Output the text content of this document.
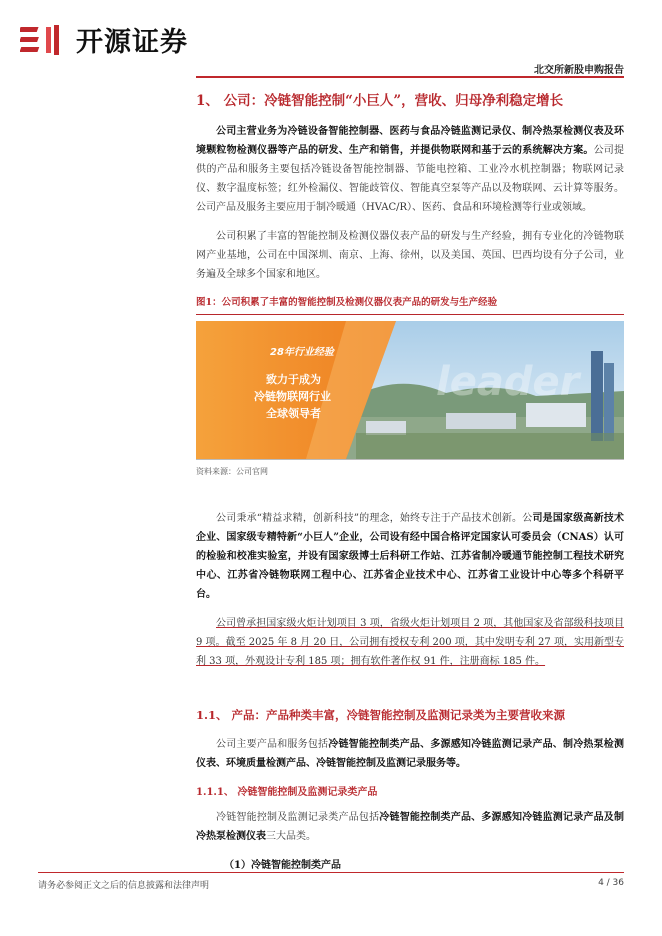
开源证券
北交所新股申购报告
1、 公司：冷链智能控制“小巨人”，营收、归母净利稳定增长

公司主营业务为冷链设备智能控制器、医药与食品冷链监测记录仪、制冷热泵检测仪表及环境颗粒物检测仪器等产品的研发、生产和销售，并提供物联网和基于云的系统解决方案。公司提供的产品和服务主要包括冷链设备智能控制器、节能电控箱、工业冷水机控制器；物联网记录仪、数字温度标签；红外检漏仪、智能歧管仪、智能真空泵等产品以及物联网、云计算等服务。公司产品及服务主要应用于制冷暖通（HVAC/R）、医药、食品和环境检测等行业或领域。

公司积累了丰富的智能控制及检测仪器仪表产品的研发与生产经验，拥有专业化的冷链物联网产业基地，公司在中国深圳、南京、上海、徐州，以及美国、英国、巴西均设有分子公司，业务遍及全球多个国家和地区。

图1：公司积累了丰富的智能控制及检测仪器仪表产品的研发与生产经验
leader
28年行业经验
致力于成为
冷链物联网行业
全球领导者
资料来源：公司官网

公司秉承“精益求精，创新科技”的理念，始终专注于产品技术创新。公司是国家级高新技术企业、国家级专精特新“小巨人”企业，公司设有经中国合格评定国家认可委员会（CNAS）认可的检验和校准实验室，并设有国家级博士后科研工作站、江苏省制冷暖通节能控制工程技术研究中心、江苏省冷链物联网工程中心、江苏省企业技术中心、江苏省工业设计中心等多个科研平台。

公司曾承担国家级火炬计划项目 3 项，省级火炬计划项目 2 项，其他国家及省部级科技项目 9 项。截至 2025 年 8 月 20 日，公司拥有授权专利 200 项，其中发明专利 27 项，实用新型专利 33 项，外观设计专利 185 项；拥有软件著作权 91 件，注册商标 185 件。

1.1、 产品：产品种类丰富，冷链智能控制及监测记录类为主要营收来源

公司主要产品和服务包括冷链智能控制类产品、多源感知冷链监测记录产品、制冷热泵检测仪表、环境质量检测产品、冷链智能控制及监测记录服务等。

1.1.1、 冷链智能控制及监测记录类产品

冷链智能控制及监测记录类产品包括冷链智能控制类产品、多源感知冷链监测记录产品及制冷热泵检测仪表三大品类。

（1）冷链智能控制类产品
请务必参阅正文之后的信息披露和法律声明	4 / 36
